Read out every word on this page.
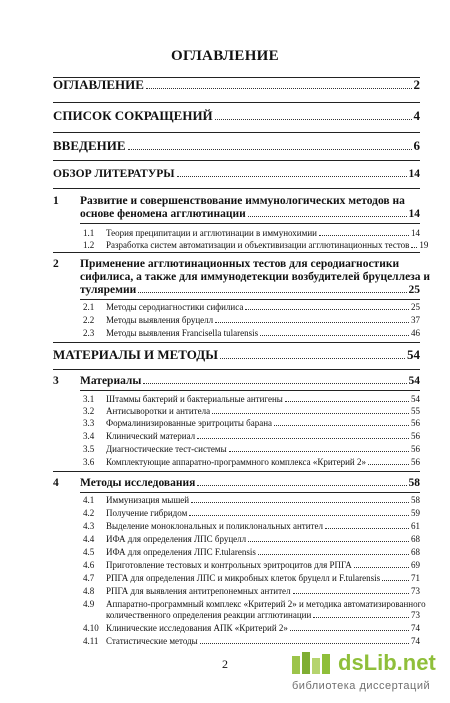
ОГЛАВЛЕНИЕ
ОГЛАВЛЕНИЕ	2
СПИСОК СОКРАЩЕНИЙ	4
ВВЕДЕНИЕ	6
ОБЗОР ЛИТЕРАТУРЫ	14
1 Развитие и совершенствование иммунологических методов на
основе феномена агглютинации	14
1.1 Теория преципитации и агглютинации в иммунохимии	14
1.2 Разработка систем автоматизации и объективизации агглютинационных тестов 19
2 Применение агглютинационных тестов для серодиагностики
сифилиса, а также для иммунодетекции возбудителей бруцеллеза и
туляремии	25
2.1 Методы серодиагностики сифилиса	25
2.2 Методы выявления бруцелл	37
2.3 Методы выявления Francisella tularensis	46
МАТЕРИАЛЫ И МЕТОДЫ	54
3 Материалы	54
3.1 Штаммы бактерий и бактериальные антигены	54
3.2 Антисыворотки и антитела	55
3.3 Формалинизированные эритроциты барана	56
3.4 Клинический материал	56
3.5 Диагностические тест-системы	56
3.6 Комплектующие аппаратно-программного комплекса «Критерий 2»	56
4 Методы исследования	58
4.1 Иммунизация мышей	58
4.2 Получение гибридом	59
4.3 Выделение моноклональных и поликлональных антител	61
4.4 ИФА для определения ЛПС бруцелл	68
4.5 ИФА для определения ЛПС F.tularensis	68
4.6 Приготовление тестовых и контрольных эритроцитов для РПГА	69
4.7 РПГА для определения ЛПС и микробных клеток бруцелл и F.tularensis	71
4.8 РПГА для выявления антитрепонемных антител	73
4.9 Аппаратно-программный комплекс «Критерий 2» и методика автоматизированного
количественного определения реакции агглютинации	73
4.10 Клинические исследования АПК «Критерий 2»	74
4.11 Статистические методы	74
2	dsLib.net
библиотека диссертаций
